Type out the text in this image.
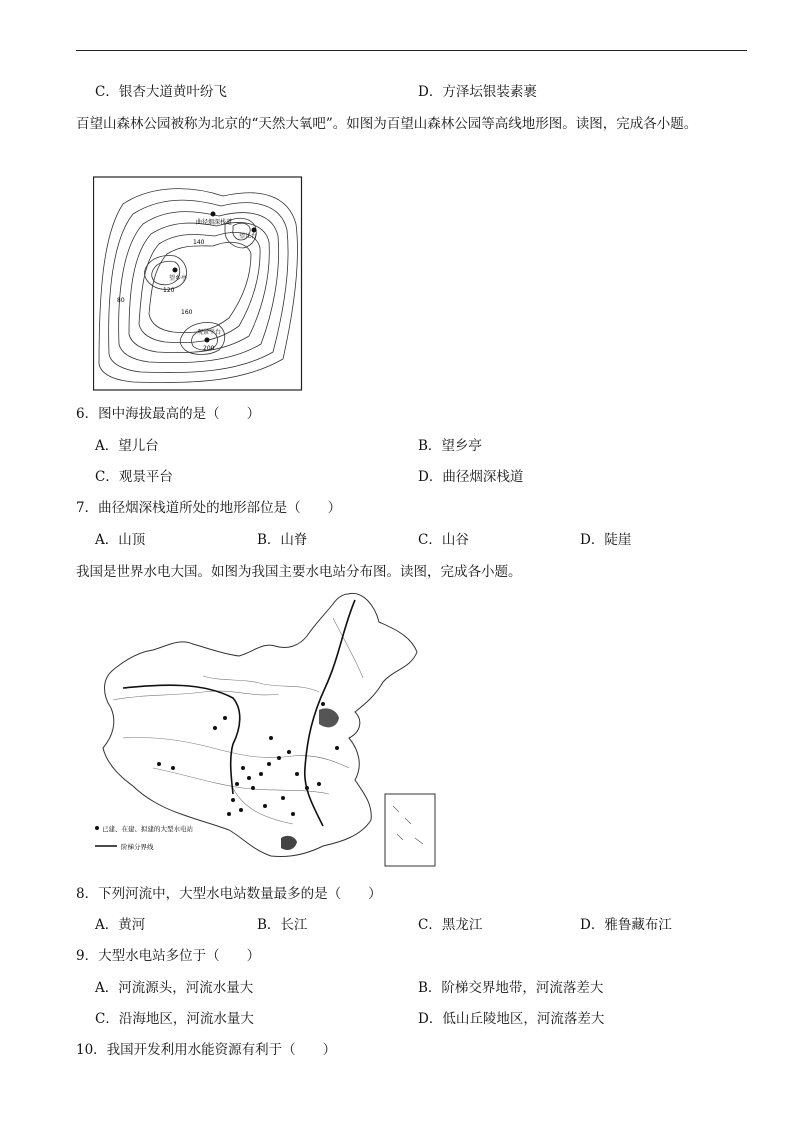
C．银杏大道黄叶纷飞	D．方泽坛银装素裹
百望山森林公园被称为北京的“天然大氧吧”。如图为百望山森林公园等高线地形图。读图，完成各小题。
曲径烟深栈道
望儿台
望乡亭
观景平台
120
160
200
80
140
6．图中海拔最高的是（　　）
A．望儿台	B．望乡亭
C．观景平台	D．曲径烟深栈道
7．曲径烟深栈道所处的地形部位是（　　）
A．山顶	B．山脊	C．山谷	D．陡崖
我国是世界水电大国。如图为我国主要水电站分布图。读图，完成各小题。
已建、在建、拟建的大型水电站
阶梯分界线
8．下列河流中，大型水电站数量最多的是（　　）
A．黄河	B．长江	C．黑龙江	D．雅鲁藏布江
9．大型水电站多位于（　　）
A．河流源头，河流水量大	B．阶梯交界地带，河流落差大
C．沿海地区，河流水量大	D．低山丘陵地区，河流落差大
10．我国开发利用水能资源有利于（　　）
